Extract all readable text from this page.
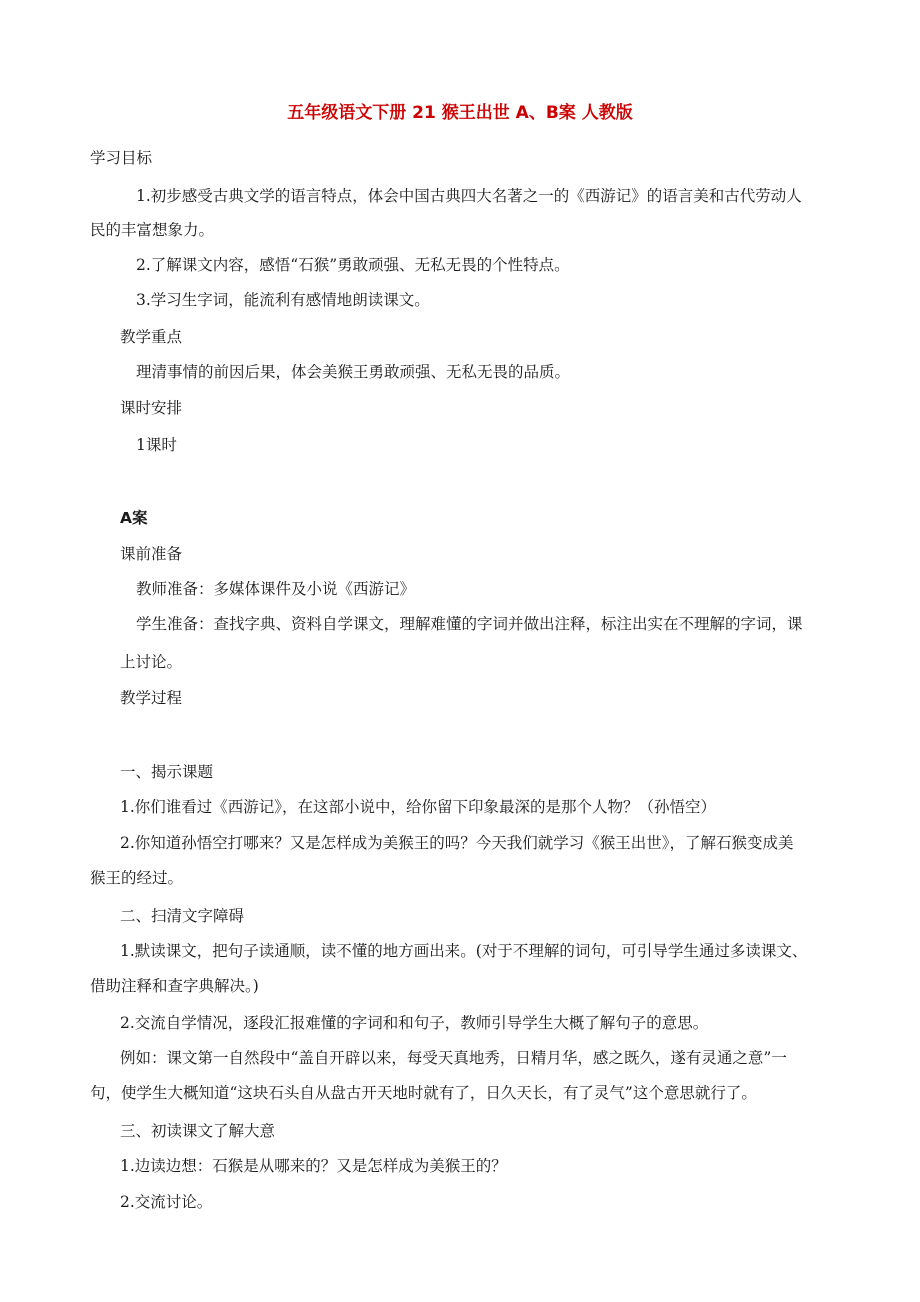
五年级语文下册 21 猴王出世 A、B案 人教版
学习目标
1.初步感受古典文学的语言特点，体会中国古典四大名著之一的《西游记》的语言美和古代劳动人
民的丰富想象力。
2.了解课文内容，感悟“石猴”勇敢顽强、无私无畏的个性特点。
3.学习生字词，能流利有感情地朗读课文。
教学重点
理清事情的前因后果，体会美猴王勇敢顽强、无私无畏的品质。
课时安排
1课时
A案
课前准备
教师准备：多媒体课件及小说《西游记》
学生准备：查找字典、资料自学课文，理解难懂的字词并做出注释，标注出实在不理解的字词，课
上讨论。
教学过程
一、揭示课题
1.你们谁看过《西游记》，在这部小说中，给你留下印象最深的是那个人物？（孙悟空）
2.你知道孙悟空打哪来？又是怎样成为美猴王的吗？今天我们就学习《猴王出世》，了解石猴变成美
猴王的经过。
二、扫清文字障碍
1.默读课文，把句子读通顺，读不懂的地方画出来。(对于不理解的词句，可引导学生通过多读课文、
借助注释和查字典解决。)
2.交流自学情况，逐段汇报难懂的字词和和句子，教师引导学生大概了解句子的意思。
例如：课文第一自然段中“盖自开辟以来，每受天真地秀，日精月华，感之既久，遂有灵通之意”一
句，使学生大概知道“这块石头自从盘古开天地时就有了，日久天长，有了灵气”这个意思就行了。
三、初读课文了解大意
1.边读边想：石猴是从哪来的？又是怎样成为美猴王的？
2.交流讨论。
